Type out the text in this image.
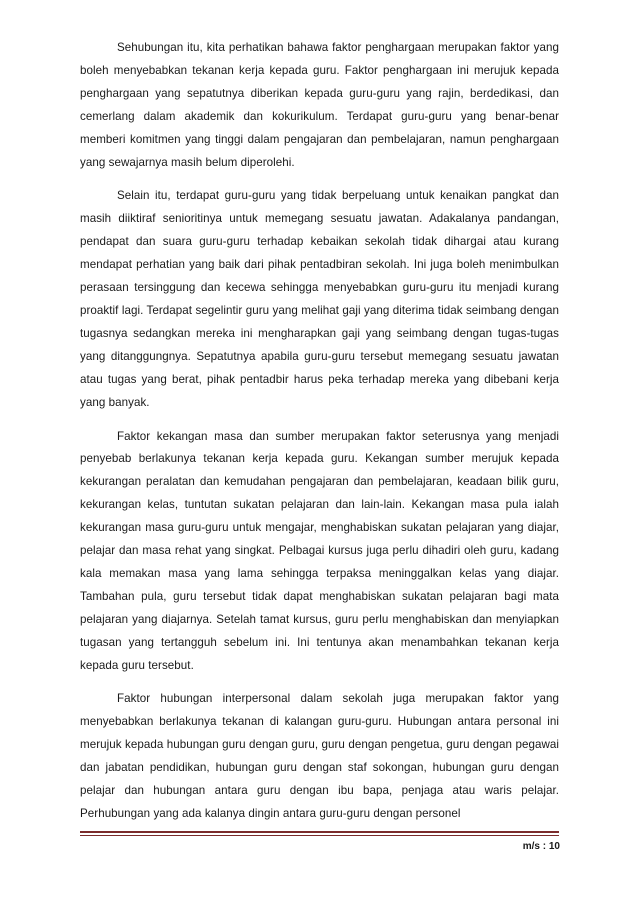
Sehubungan itu, kita perhatikan bahawa faktor penghargaan merupakan faktor yang boleh menyebabkan tekanan kerja kepada guru. Faktor penghargaan ini merujuk kepada penghargaan yang sepatutnya diberikan kepada guru-guru yang rajin, berdedikasi, dan cemerlang dalam akademik dan kokurikulum. Terdapat guru-guru yang benar-benar memberi komitmen yang tinggi dalam pengajaran dan pembelajaran, namun penghargaan yang sewajarnya masih belum diperolehi.

Selain itu, terdapat guru-guru yang tidak berpeluang untuk kenaikan pangkat dan masih diiktiraf senioritinya untuk memegang sesuatu jawatan. Adakalanya pandangan, pendapat dan suara guru-guru terhadap kebaikan sekolah tidak dihargai atau kurang mendapat perhatian yang baik dari pihak pentadbiran sekolah. Ini juga boleh menimbulkan perasaan tersinggung dan kecewa sehingga menyebabkan guru-guru itu menjadi kurang proaktif lagi. Terdapat segelintir guru yang melihat gaji yang diterima tidak seimbang dengan tugasnya sedangkan mereka ini mengharapkan gaji yang seimbang dengan tugas-tugas yang ditanggungnya. Sepatutnya apabila guru-guru tersebut memegang sesuatu jawatan atau tugas yang berat, pihak pentadbir harus peka terhadap mereka yang dibebani kerja yang banyak.

Faktor kekangan masa dan sumber merupakan faktor seterusnya yang menjadi penyebab berlakunya tekanan kerja kepada guru. Kekangan sumber merujuk kepada kekurangan peralatan dan kemudahan pengajaran dan pembelajaran, keadaan bilik guru, kekurangan kelas, tuntutan sukatan pelajaran dan lain-lain. Kekangan masa pula ialah kekurangan masa guru-guru untuk mengajar, menghabiskan sukatan pelajaran yang diajar, pelajar dan masa rehat yang singkat. Pelbagai kursus juga perlu dihadiri oleh guru, kadang kala memakan masa yang lama sehingga terpaksa meninggalkan kelas yang diajar. Tambahan pula, guru tersebut tidak dapat menghabiskan sukatan pelajaran bagi mata pelajaran yang diajarnya. Setelah tamat kursus, guru perlu menghabiskan dan menyiapkan tugasan yang tertangguh sebelum ini. Ini tentunya akan menambahkan tekanan kerja kepada guru tersebut.

Faktor hubungan interpersonal dalam sekolah juga merupakan faktor yang menyebabkan berlakunya tekanan di kalangan guru-guru. Hubungan antara personal ini merujuk kepada hubungan guru dengan guru, guru dengan pengetua, guru dengan pegawai dan jabatan pendidikan, hubungan guru dengan staf sokongan, hubungan guru dengan pelajar dan hubungan antara guru dengan ibu bapa, penjaga atau waris pelajar. Perhubungan yang ada kalanya dingin antara guru-guru dengan personel

m/s : 10
